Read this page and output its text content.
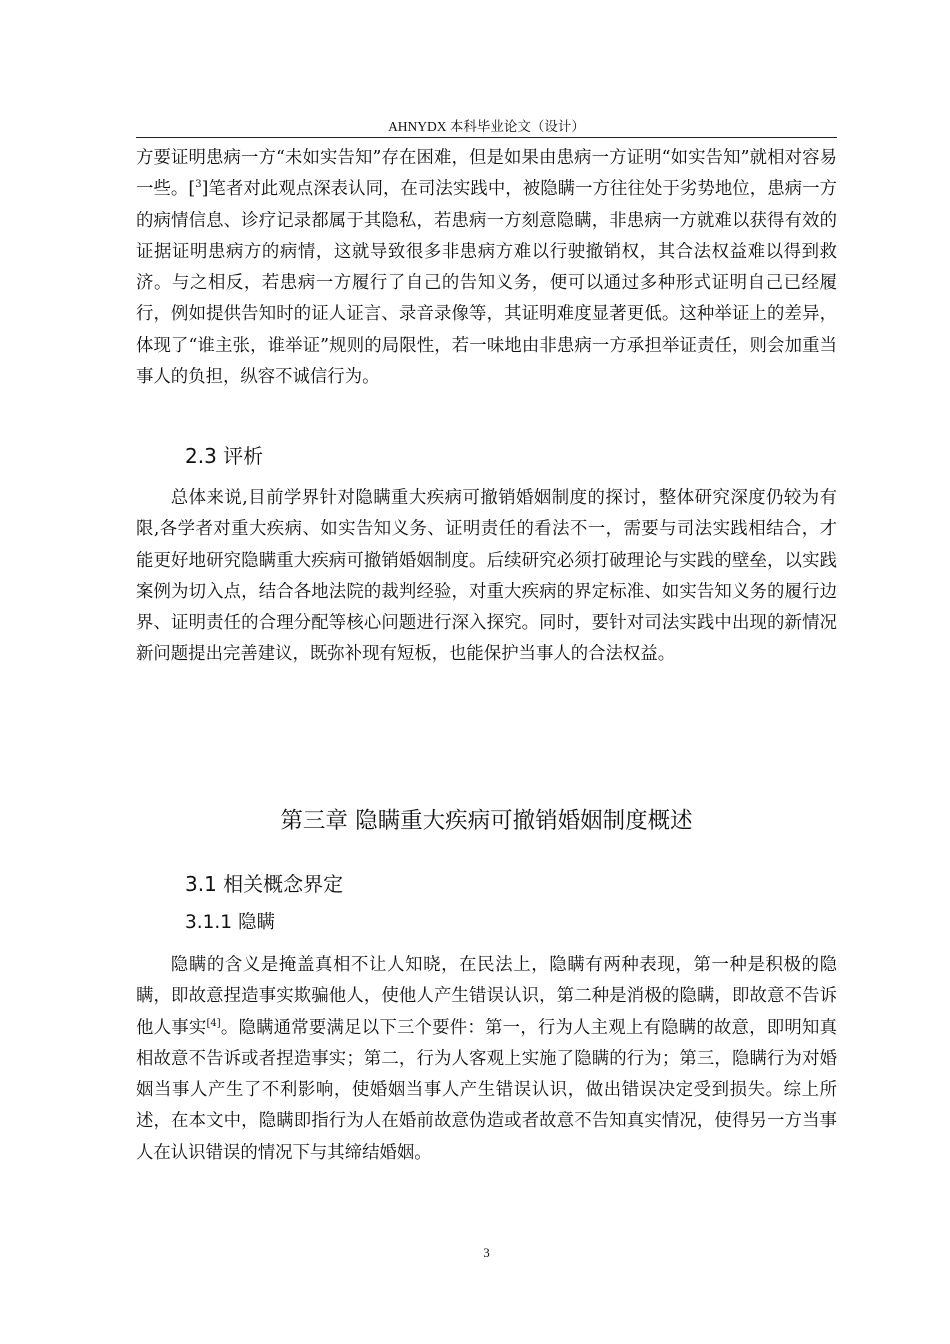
AHNYDX 本科毕业论文（设计）
方要证明患病一方“未如实告知”存在困难，但是如果由患病一方证明“如实告知”就相对容易一些。[$^3$]笔者对此观点深表认同，在司法实践中，被隐瞒一方往往处于劣势地位，患病一方的病情信息、诊疗记录都属于其隐私，若患病一方刻意隐瞒，非患病一方就难以获得有效的证据证明患病方的病情，这就导致很多非患病方难以行驶撤销权，其合法权益难以得到救济。与之相反，若患病一方履行了自己的告知义务，便可以通过多种形式证明自己已经履行，例如提供告知时的证人证言、录音录像等，其证明难度显著更低。这种举证上的差异，体现了“谁主张，谁举证”规则的局限性，若一味地由非患病一方承担举证责任，则会加重当事人的负担，纵容不诚信行为。
2.3 评析
总体来说,目前学界针对隐瞒重大疾病可撤销婚姻制度的探讨，整体研究深度仍较为有限,各学者对重大疾病、如实告知义务、证明责任的看法不一，需要与司法实践相结合，才能更好地研究隐瞒重大疾病可撤销婚姻制度。后续研究必须打破理论与实践的壁垒，以实践案例为切入点，结合各地法院的裁判经验，对重大疾病的界定标准、如实告知义务的履行边界、证明责任的合理分配等核心问题进行深入探究。同时，要针对司法实践中出现的新情况新问题提出完善建议，既弥补现有短板，也能保护当事人的合法权益。
第三章 隐瞒重大疾病可撤销婚姻制度概述
3.1 相关概念界定
3.1.1 隐瞒
隐瞒的含义是掩盖真相不让人知晓，在民法上，隐瞒有两种表现，第一种是积极的隐瞒，即故意捏造事实欺骗他人，使他人产生错误认识，第二种是消极的隐瞒，即故意不告诉他人事实[4]。隐瞒通常要满足以下三个要件：第一，行为人主观上有隐瞒的故意，即明知真相故意不告诉或者捏造事实；第二，行为人客观上实施了隐瞒的行为；第三，隐瞒行为对婚姻当事人产生了不利影响，使婚姻当事人产生错误认识，做出错误决定受到损失。综上所述，在本文中，隐瞒即指行为人在婚前故意伪造或者故意不告知真实情况，使得另一方当事人在认识错误的情况下与其缔结婚姻。
3
